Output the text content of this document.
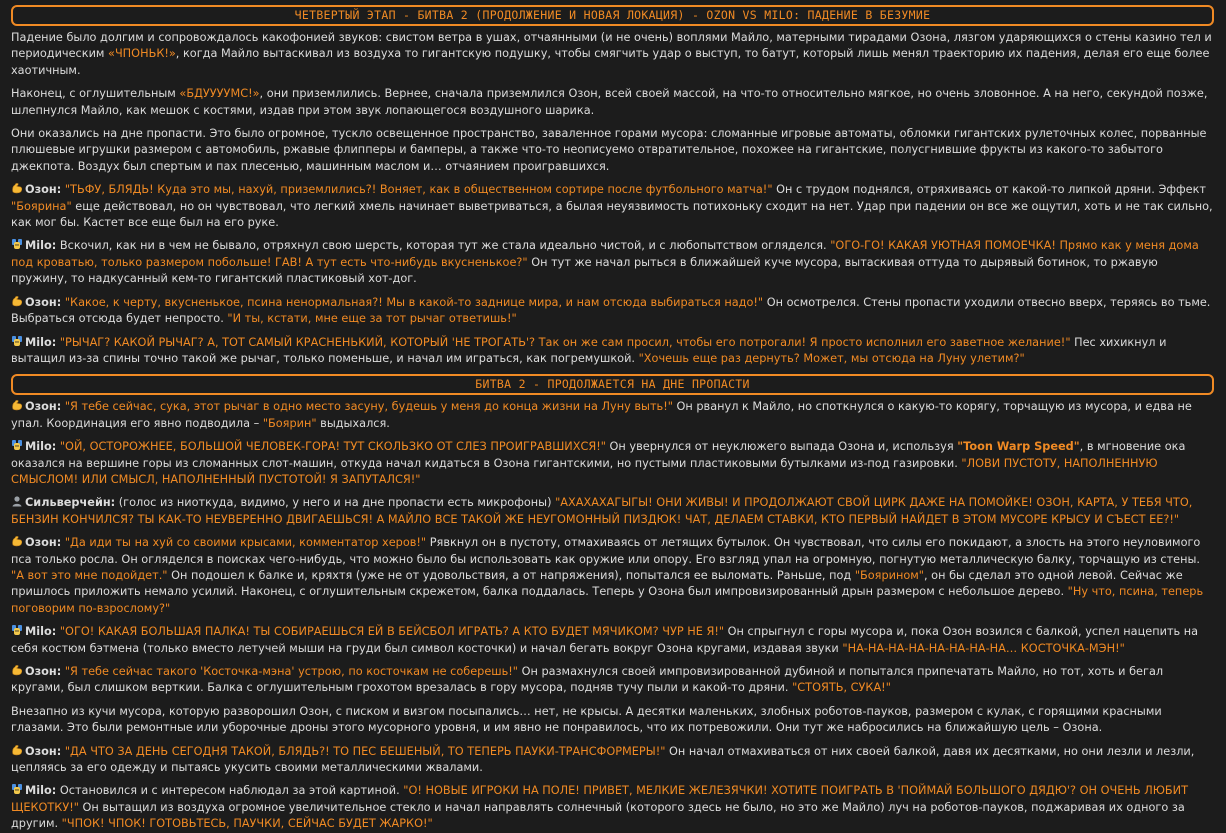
ЧЕТВЕРТЫЙ ЭТАП - БИТВА 2 (ПРОДОЛЖЕНИЕ И НОВАЯ ЛОКАЦИЯ) - OZON VS MILO: ПАДЕНИЕ В БЕЗУМИЕ

Падение было долгим и сопровождалось какофонией звуков: свистом ветра в ушах, отчаянными (и не очень) воплями Майло, матерными тирадами Озона, лязгом ударяющихся о стены казино тел и периодическим «ЧПОНЬК!», когда Майло вытаскивал из воздуха то гигантскую подушку, чтобы смягчить удар о выступ, то батут, который лишь менял траекторию их падения, делая его еще более хаотичным.

Наконец, с оглушительным «БДУУУУМС!», они приземлились. Вернее, сначала приземлился Озон, всей своей массой, на что-то относительно мягкое, но очень зловонное. А на него, секундой позже, шлепнулся Майло, как мешок с костями, издав при этом звук лопающегося воздушного шарика.

Они оказались на дне пропасти. Это было огромное, тускло освещенное пространство, заваленное горами мусора: сломанные игровые автоматы, обломки гигантских рулеточных колес, порванные плюшевые игрушки размером с автомобиль, ржавые флипперы и бамперы, а также что-то неописуемо отвратительное, похожее на гигантские, полусгнившие фрукты из какого-то забытого джекпота. Воздух был спертым и пах плесенью, машинным маслом и… отчаянием проигравшихся.

Озон: "ТЬФУ, БЛЯДЬ! Куда это мы, нахуй, приземлились?! Воняет, как в общественном сортире после футбольного матча!" Он с трудом поднялся, отряхиваясь от какой-то липкой дряни. Эффект "Боярина" еще действовал, но он чувствовал, что легкий хмель начинает выветриваться, а былая неуязвимость потихоньку сходит на нет. Удар при падении он все же ощутил, хоть и не так сильно, как мог бы. Кастет все еще был на его руке.

Milo: Вскочил, как ни в чем не бывало, отряхнул свою шерсть, которая тут же стала идеально чистой, и с любопытством огляделся. "ОГО-ГО! КАКАЯ УЮТНАЯ ПОМОЕЧКА! Прямо как у меня дома под кроватью, только размером побольше! ГАВ! А тут есть что-нибудь вкусненькое?" Он тут же начал рыться в ближайшей куче мусора, вытаскивая оттуда то дырявый ботинок, то ржавую пружину, то надкусанный кем-то гигантский пластиковый хот-дог.

Озон: "Какое, к черту, вкусненькое, псина ненормальная?! Мы в какой-то заднице мира, и нам отсюда выбираться надо!" Он осмотрелся. Стены пропасти уходили отвесно вверх, теряясь во тьме. Выбраться отсюда будет непросто. "И ты, кстати, мне еще за тот рычаг ответишь!"

Milo: "РЫЧАГ? КАКОЙ РЫЧАГ? А, ТОТ САМЫЙ КРАСНЕНЬКИЙ, КОТОРЫЙ 'НЕ ТРОГАТЬ'? Так он же сам просил, чтобы его потрогали! Я просто исполнил его заветное желание!" Пес хихикнул и вытащил из-за спины точно такой же рычаг, только поменьше, и начал им играться, как погремушкой. "Хочешь еще раз дернуть? Может, мы отсюда на Луну улетим?"

БИТВА 2 - ПРОДОЛЖАЕТСЯ НА ДНЕ ПРОПАСТИ

Озон: "Я тебе сейчас, сука, этот рычаг в одно место засуну, будешь у меня до конца жизни на Луну выть!" Он рванул к Майло, но споткнулся о какую-то корягу, торчащую из мусора, и едва не упал. Координация его явно подводила – "Боярин" выдыхался.

Milo: "ОЙ, ОСТОРОЖНЕЕ, БОЛЬШОЙ ЧЕЛОВЕК-ГОРА! ТУТ СКОЛЬЗКО ОТ СЛЕЗ ПРОИГРАВШИХСЯ!" Он увернулся от неуклюжего выпада Озона и, используя "Toon Warp Speed", в мгновение ока оказался на вершине горы из сломанных слот-машин, откуда начал кидаться в Озона гигантскими, но пустыми пластиковыми бутылками из-под газировки. "ЛОВИ ПУСТОТУ, НАПОЛНЕННУЮ СМЫСЛОМ! ИЛИ СМЫСЛ, НАПОЛНЕННЫЙ ПУСТОТОЙ! Я ЗАПУТАЛСЯ!"

Сильверчейн: (голос из ниоткуда, видимо, у него и на дне пропасти есть микрофоны) "АХАХАХАГЫГЫ! ОНИ ЖИВЫ! И ПРОДОЛЖАЮТ СВОЙ ЦИРК ДАЖЕ НА ПОМОЙКЕ! ОЗОН, КАРТА, У ТЕБЯ ЧТО, БЕНЗИН КОНЧИЛСЯ? ТЫ КАК-ТО НЕУВЕРЕННО ДВИГАЕШЬСЯ! А МАЙЛО ВСЕ ТАКОЙ ЖЕ НЕУГОМОННЫЙ ПИЗДЮК! ЧАТ, ДЕЛАЕМ СТАВКИ, КТО ПЕРВЫЙ НАЙДЕТ В ЭТОМ МУСОРЕ КРЫСУ И СЪЕСТ ЕЕ?!"

Озон: "Да иди ты на хуй со своими крысами, комментатор херов!" Рявкнул он в пустоту, отмахиваясь от летящих бутылок. Он чувствовал, что силы его покидают, а злость на этого неуловимого пса только росла. Он огляделся в поисках чего-нибудь, что можно было бы использовать как оружие или опору. Его взгляд упал на огромную, погнутую металлическую балку, торчащую из стены. "А вот это мне подойдет." Он подошел к балке и, кряхтя (уже не от удовольствия, а от напряжения), попытался ее выломать. Раньше, под "Боярином", он бы сделал это одной левой. Сейчас же пришлось приложить немало усилий. Наконец, с оглушительным скрежетом, балка поддалась. Теперь у Озона был импровизированный дрын размером с небольшое дерево. "Ну что, псина, теперь поговорим по-взрослому?"

Milo: "ОГО! КАКАЯ БОЛЬШАЯ ПАЛКА! ТЫ СОБИРАЕШЬСЯ ЕЙ В БЕЙСБОЛ ИГРАТЬ? А КТО БУДЕТ МЯЧИКОМ? ЧУР НЕ Я!" Он спрыгнул с горы мусора и, пока Озон возился с балкой, успел нацепить на себя костюм бэтмена (только вместо летучей мыши на груди был символ косточки) и начал бегать вокруг Озона кругами, издавая звуки "НА-НА-НА-НА-НА-НА-НА-НА… КОСТОЧКА-МЭН!"

Озон: "Я тебе сейчас такого 'Косточка-мэна' устрою, по косточкам не соберешь!" Он размахнулся своей импровизированной дубиной и попытался припечатать Майло, но тот, хоть и бегал кругами, был слишком верткии. Балка с оглушительным грохотом врезалась в гору мусора, подняв тучу пыли и какой-то дряни. "СТОЯТЬ, СУКА!"

Внезапно из кучи мусора, которую разворошил Озон, с писком и визгом посыпались… нет, не крысы. А десятки маленьких, злобных роботов-пауков, размером с кулак, с горящими красными глазами. Это были ремонтные или уборочные дроны этого мусорного уровня, и им явно не понравилось, что их потревожили. Они тут же набросились на ближайшую цель – Озона.

Озон: "ДА ЧТО ЗА ДЕНЬ СЕГОДНЯ ТАКОЙ, БЛЯДЬ?! ТО ПЕС БЕШЕНЫЙ, ТО ТЕПЕРЬ ПАУКИ-ТРАНСФОРМЕРЫ!" Он начал отмахиваться от них своей балкой, давя их десятками, но они лезли и лезли, цепляясь за его одежду и пытаясь укусить своими металлическими жвалами.

Milo: Остановился и с интересом наблюдал за этой картиной. "О! НОВЫЕ ИГРОКИ НА ПОЛЕ! ПРИВЕТ, МЕЛКИЕ ЖЕЛЕЗЯЧКИ! ХОТИТЕ ПОИГРАТЬ В 'ПОЙМАЙ БОЛЬШОГО ДЯДЮ'? ОН ОЧЕНЬ ЛЮБИТ ЩЕКОТКУ!" Он вытащил из воздуха огромное увеличительное стекло и начал направлять солнечный (которого здесь не было, но это же Майло) луч на роботов-пауков, поджаривая их одного за другим. "ЧПОК! ЧПОК! ГОТОВЬТЕСЬ, ПАУЧКИ, СЕЙЧАС БУДЕТ ЖАРКО!"
